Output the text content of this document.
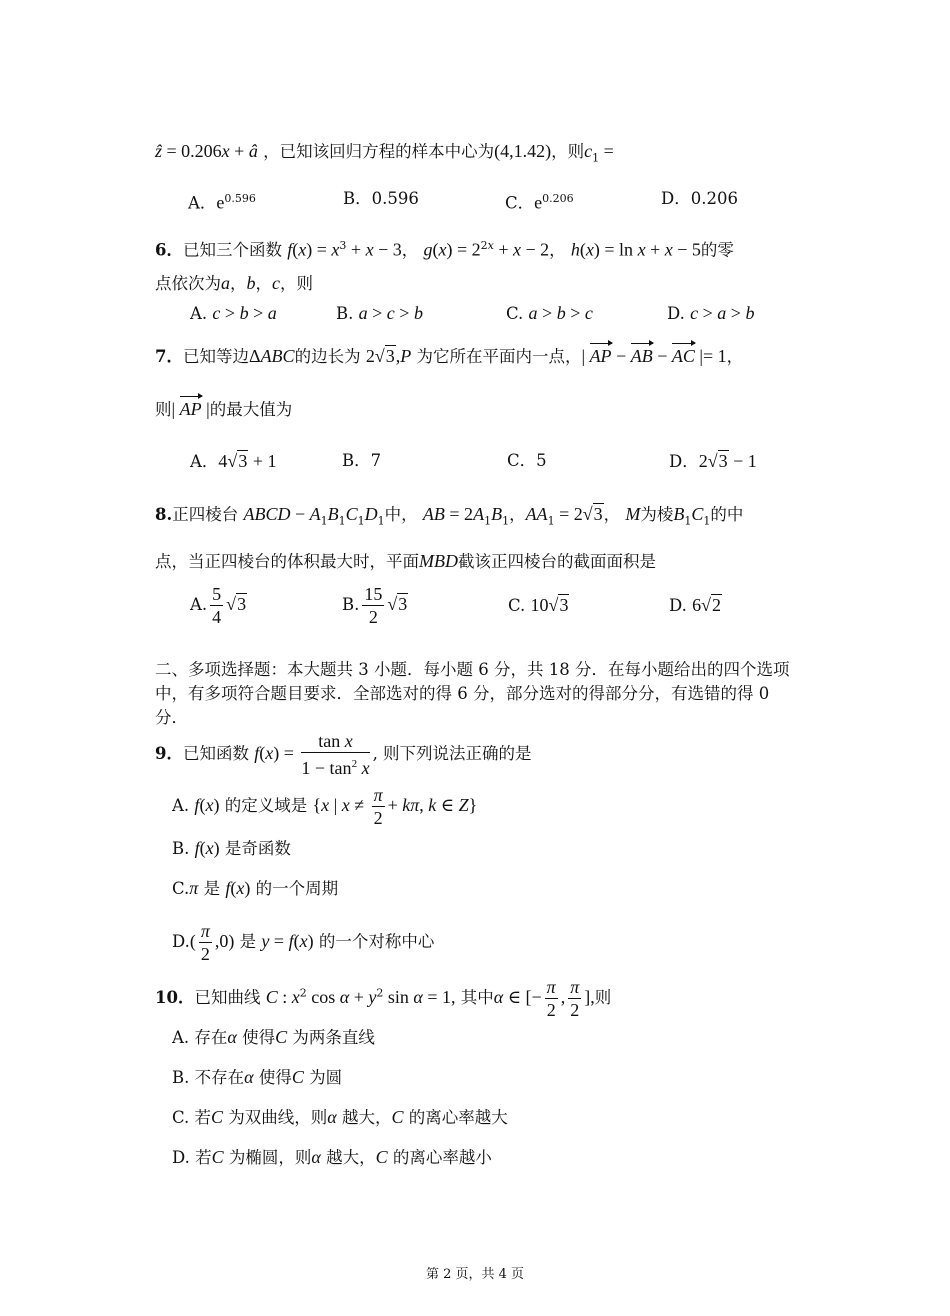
ẑ = 0.206x + â ，已知该回归方程的样本中心为(4,1.42)，则$c_1$ =
A．$e^{0.596}$	B．0.596	C．$e^{0.206}$	D．0.206
6．已知三个函数 $f(x) = x^3 + x - 3$， $g(x) = 2^{2x} + x - 2$， h(x) = ln x + x − 5的零
点依次为a，b，c，则
A. c > b > a	B. a > c > b	C. a > b > c	D. c > a > b
7．已知等边ΔABC的边长为 2√3,P 为它所在平面内一点，| AP − AB − AC |= 1，
则| AP |的最大值为
A．4√3 + 1	B．7	C．5	D．2√3 − 1
8.正四棱台 ABCD − $A_1B_1C_1D_1$中， AB = $2A_1B_1$，$AA_1 = 2√3$， M为棱$B_1C_1$的中
点，当正四棱台的体积最大时，平面MBD截该正四棱台的截面面积是
A. $\frac{5}{4} √3$	B. $\frac{15}{2} √3$	C. 10√3	D. 6√2
二、多项选择题：本大题共 3 小题．每小题 6 分，共 18 分．在每小题给出的四个选项中，有多项符合题目要求．全部选对的得 6 分，部分选对的得部分分，有选错的得 0 分．
9．已知函数 $f(x) = \frac{\text{tan x}}{1 - \tan^2 x}$ , 则下列说法正确的是
A. f(x) 的定义域是 {x | $x \ne \frac{\pi}{2} + k\pi$, k ∈ Z}
B. f(x) 是奇函数
C.π 是 f(x) 的一个周期
$D.( \frac{\pi}{2} ,0)$ 是 y = f(x) 的一个对称中心
10．已知曲线 C : $x^2$ $\cos \alpha + y^2$ sin α = 1, 其中α ∈ [− $\frac{\pi}{2}$ , $\frac{\pi}{2}$ ],则
A. 存在α 使得C 为两条直线
B. 不存在α 使得C 为圆
C. 若C 为双曲线，则α 越大，C 的离心率越大
D. 若C 为椭圆，则α 越大，C 的离心率越小
第 2 页，共 4 页
